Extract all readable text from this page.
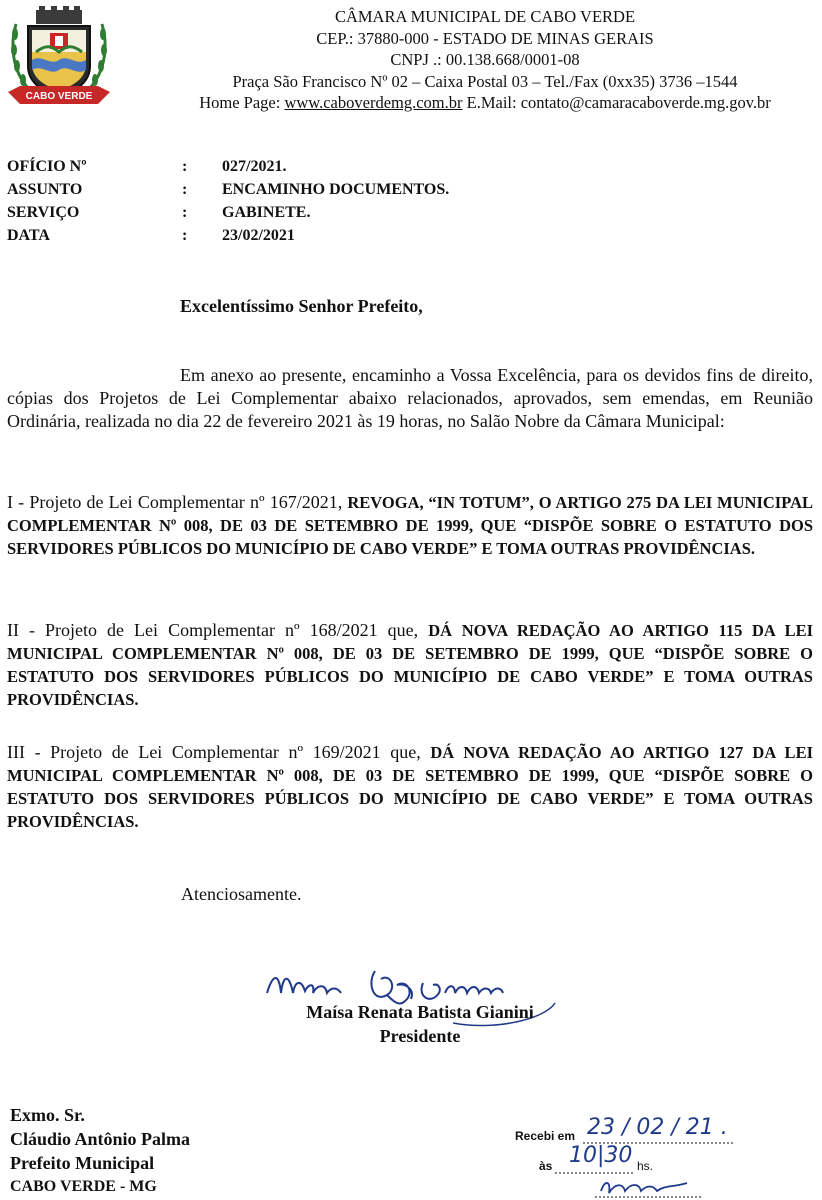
CABO VERDE
CÂMARA MUNICIPAL DE CABO VERDE
CEP.: 37880-000 - ESTADO DE MINAS GERAIS
CNPJ .: 00.138.668/0001-08
Praça São Francisco Nº 02 – Caixa Postal 03 – Tel./Fax (0xx35) 3736 –1544
Home Page: www.caboverdemg.com.br E.Mail: contato@camaracaboverde.mg.gov.br
OFÍCIO Nº	:	027/2021.
ASSUNTO	:	ENCAMINHO DOCUMENTOS.
SERVIÇO	:	GABINETE.
DATA	:	23/02/2021
Excelentíssimo Senhor Prefeito,
Em anexo ao presente, encaminho a Vossa Excelência, para os devidos fins de direito, cópias dos Projetos de Lei Complementar abaixo relacionados, aprovados, sem emendas, em Reunião Ordinária, realizada no dia 22 de fevereiro 2021 às 19 horas, no Salão Nobre da Câmara Municipal:
I - Projeto de Lei Complementar nº 167/2021, REVOGA, “IN TOTUM”, O ARTIGO 275 DA LEI MUNICIPAL COMPLEMENTAR Nº 008, DE 03 DE SETEMBRO DE 1999, QUE “DISPÕE SOBRE O ESTATUTO DOS SERVIDORES PÚBLICOS DO MUNICÍPIO DE CABO VERDE” E TOMA OUTRAS PROVIDÊNCIAS.
II - Projeto de Lei Complementar nº 168/2021 que, DÁ NOVA REDAÇÃO AO ARTIGO 115 DA LEI MUNICIPAL COMPLEMENTAR Nº 008, DE 03 DE SETEMBRO DE 1999, QUE “DISPÕE SOBRE O ESTATUTO DOS SERVIDORES PÚBLICOS DO MUNICÍPIO DE CABO VERDE” E TOMA OUTRAS PROVIDÊNCIAS.
III - Projeto de Lei Complementar nº 169/2021 que, DÁ NOVA REDAÇÃO AO ARTIGO 127 DA LEI MUNICIPAL COMPLEMENTAR Nº 008, DE 03 DE SETEMBRO DE 1999, QUE “DISPÕE SOBRE O ESTATUTO DOS SERVIDORES PÚBLICOS DO MUNICÍPIO DE CABO VERDE” E TOMA OUTRAS PROVIDÊNCIAS.
Atenciosamente.
Maísa Renata Batista Gianini
Presidente
Exmo. Sr.
Cláudio Antônio Palma
Prefeito Municipal
CABO VERDE - MG
Recebi em 23 / 02 / 21 .
às 10|30 hs.
